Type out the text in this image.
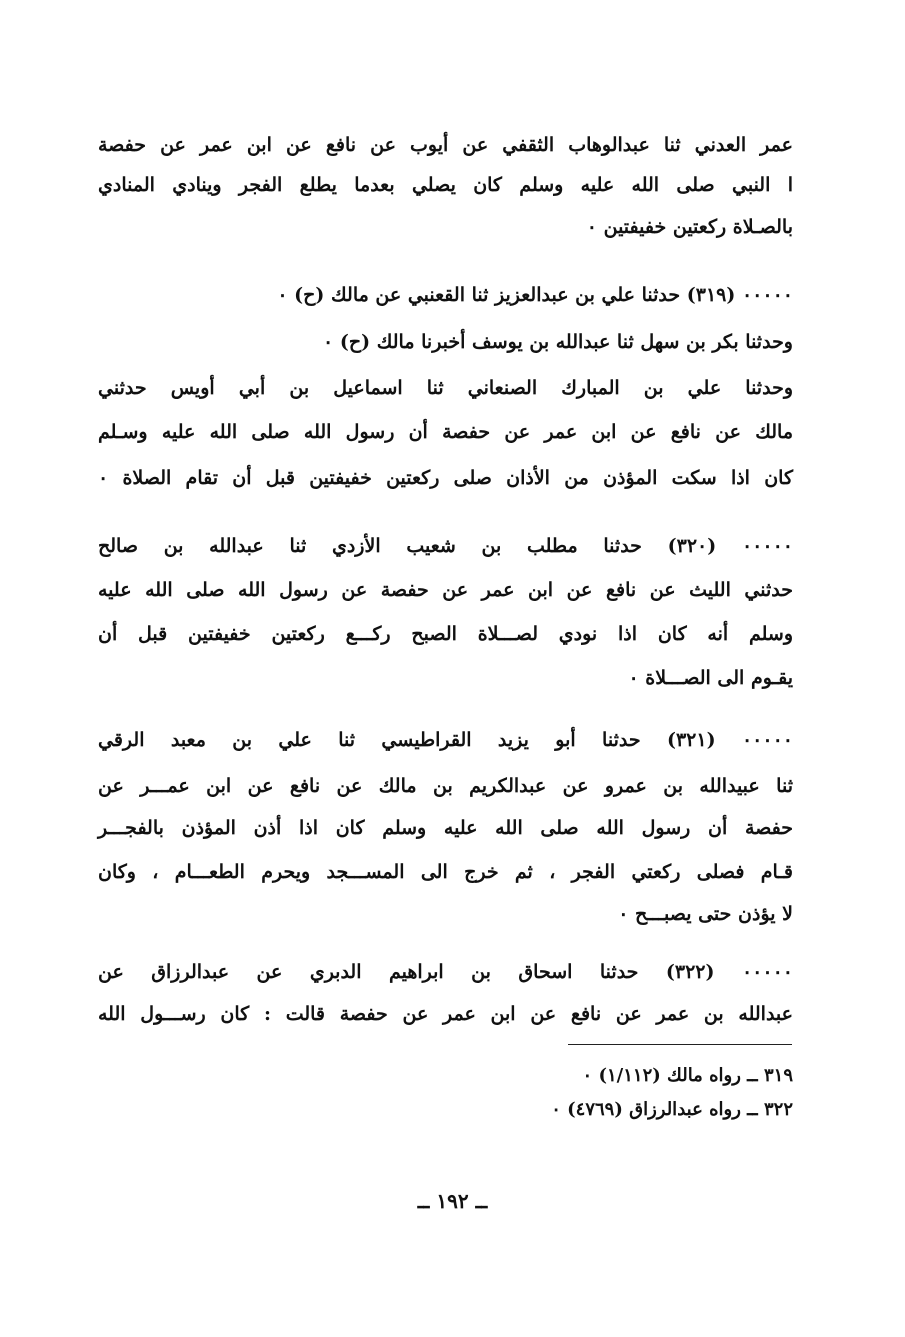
عمر العدني ثنا عبدالوهاب الثقفي عن أيوب عن نافع عن ابن عمر عن حفصة
ا النبي صلى الله عليه وسلم كان يصلي بعدما يطلع الفجر وينادي المنادي
بالصـلاة ركعتين خفيفتين ٠
٠٠٠٠٠ (٣١٩) حدثنا علي بن عبدالعزيز ثنا القعنبي عن مالك (ح) ٠
وحدثنا بكر بن سهل ثنا عبدالله بن يوسف أخبرنا مالك (ح) ٠
وحدثنا علي بن المبارك الصنعاني ثنا اسماعيل بن أبي أويس حدثني
مالك عن نافع عن ابن عمر عن حفصة أن رسول الله صلى الله عليه وسـلم
كان اذا سكت المؤذن من الأذان صلى ركعتين خفيفتين قبل أن تقام الصلاة ٠
٠٠٠٠٠ (٣٢٠) حدثنا مطلب بن شعيب الأزدي ثنا عبدالله بن صالح
حدثني الليث عن نافع عن ابن عمر عن حفصة عن رسول الله صلى الله عليه
وسلم أنه كان اذا نودي لصـــلاة الصبح ركـــع ركعتين خفيفتين قبل أن
يقـوم الى الصـــلاة ٠
٠٠٠٠٠ (٣٢١) حدثنا أبو يزيد القراطيسي ثنا علي بن معبد الرقي
ثنا عبيدالله بن عمرو عن عبدالكريم بن مالك عن نافع عن ابن عمـــر عن
حفصة أن رسول الله صلى الله عليه وسلم كان اذا أذن المؤذن بالفجـــر
قـام فصلى ركعتي الفجر ، ثم خرج الى المســـجد ويحرم الطعـــام ، وكان
لا يؤذن حتى يصبـــح ٠
٠٠٠٠٠ (٣٢٢) حدثنا اسحاق بن ابراهيم الدبري عن عبدالرزاق عن
عبدالله بن عمر عن نافع عن ابن عمر عن حفصة قالت : كان رســـول الله
٣١٩ ــ رواه مالك (١/١١٢) ٠
٣٢٢ ــ رواه عبدالرزاق (٤٧٦٩) ٠
ــ ١٩٢ ــ
